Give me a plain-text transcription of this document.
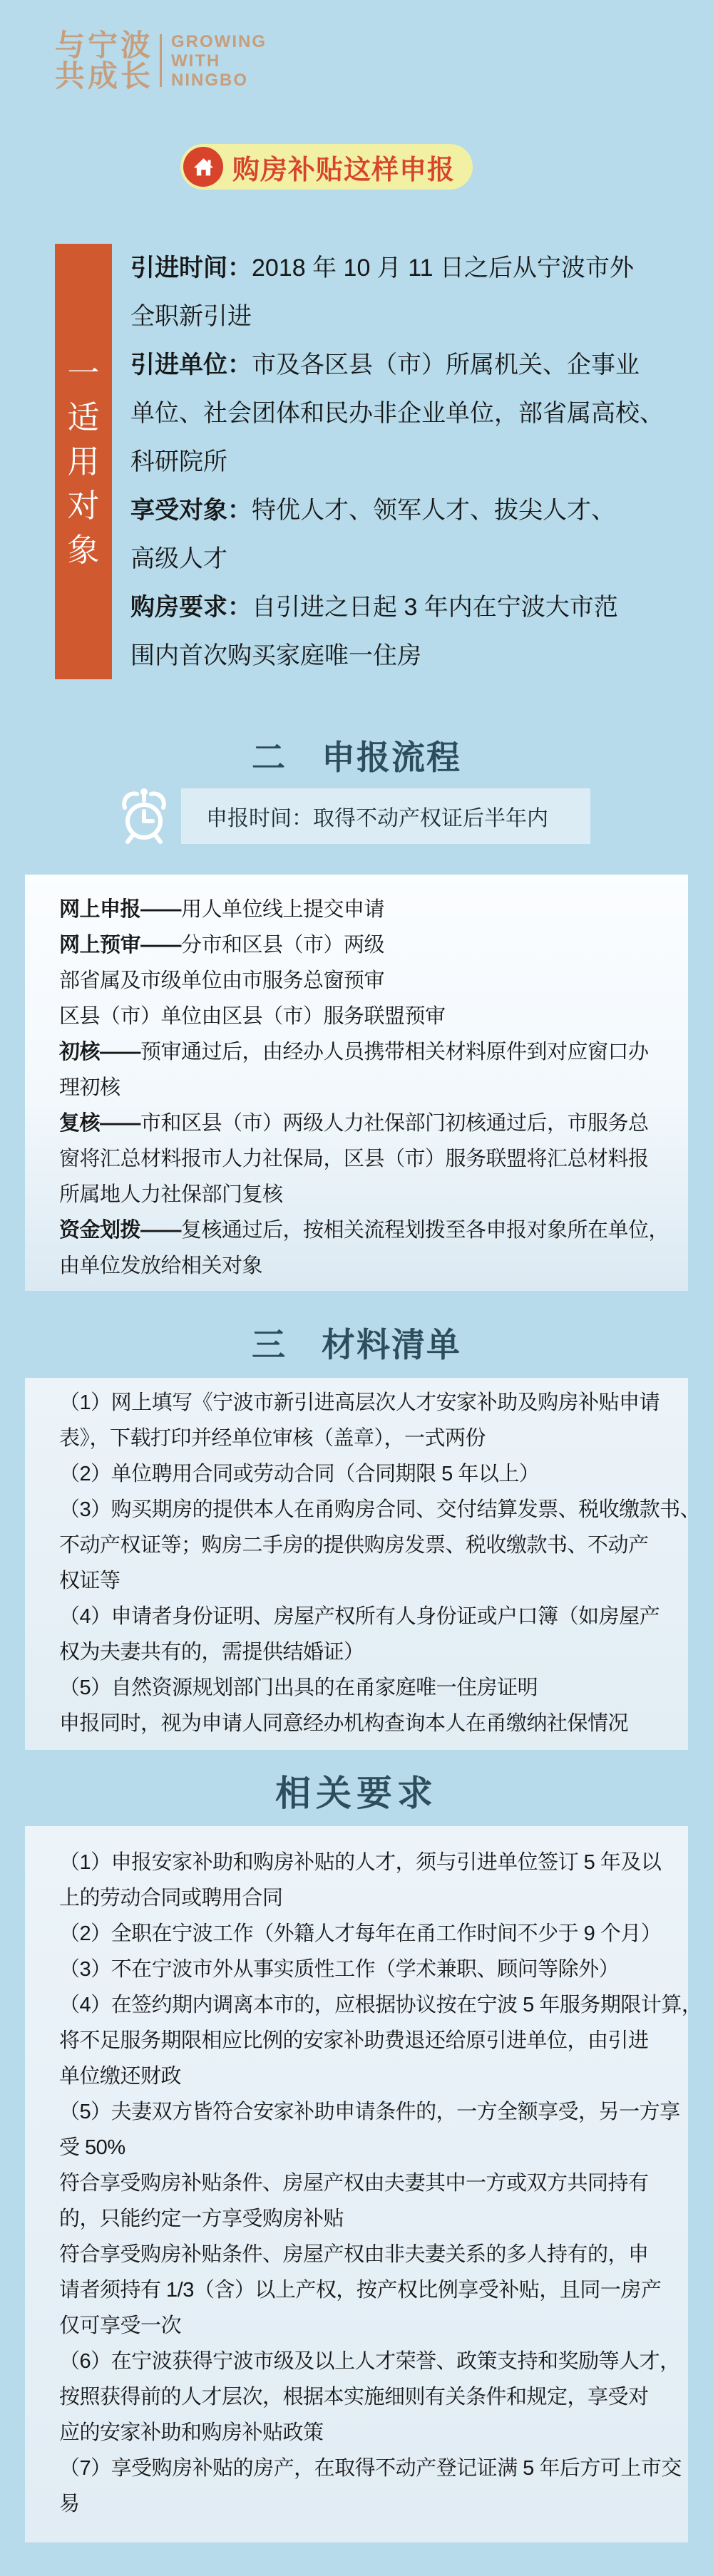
与宁波
共成长
GROWING
WITH
NINGBO
购房补贴这样申报
一
适
用
对
象
引进时间：2018 年 10 月 11 日之后从宁波市外
全职新引进
引进单位：市及各区县（市）所属机关、企事业
单位、社会团体和民办非企业单位，部省属高校、
科研院所
享受对象：特优人才、领军人才、拔尖人才、
高级人才
购房要求：自引进之日起 3 年内在宁波大市范
围内首次购买家庭唯一住房
二　申报流程
申报时间：取得不动产权证后半年内
网上申报——用人单位线上提交申请
网上预审——分市和区县（市）两级
部省属及市级单位由市服务总窗预审
区县（市）单位由区县（市）服务联盟预审
初核——预审通过后，由经办人员携带相关材料原件到对应窗口办
理初核
复核——市和区县（市）两级人力社保部门初核通过后，市服务总
窗将汇总材料报市人力社保局，区县（市）服务联盟将汇总材料报
所属地人力社保部门复核
资金划拨——复核通过后，按相关流程划拨至各申报对象所在单位，
由单位发放给相关对象
三　材料清单
（1）网上填写《宁波市新引进高层次人才安家补助及购房补贴申请
表》，下载打印并经单位审核（盖章），一式两份
（2）单位聘用合同或劳动合同（合同期限 5 年以上）
（3）购买期房的提供本人在甬购房合同、交付结算发票、税收缴款书、
不动产权证等；购房二手房的提供购房发票、税收缴款书、不动产
权证等
（4）申请者身份证明、房屋产权所有人身份证或户口簿（如房屋产
权为夫妻共有的，需提供结婚证）
（5）自然资源规划部门出具的在甬家庭唯一住房证明
申报同时，视为申请人同意经办机构查询本人在甬缴纳社保情况
相关要求
（1）申报安家补助和购房补贴的人才，须与引进单位签订 5 年及以
上的劳动合同或聘用合同
（2）全职在宁波工作（外籍人才每年在甬工作时间不少于 9 个月）
（3）不在宁波市外从事实质性工作（学术兼职、顾问等除外）
（4）在签约期内调离本市的，应根据协议按在宁波 5 年服务期限计算，
将不足服务期限相应比例的安家补助费退还给原引进单位，由引进
单位缴还财政
（5）夫妻双方皆符合安家补助申请条件的，一方全额享受，另一方享
受 50%
符合享受购房补贴条件、房屋产权由夫妻其中一方或双方共同持有
的，只能约定一方享受购房补贴
符合享受购房补贴条件、房屋产权由非夫妻关系的多人持有的，申
请者须持有 1/3（含）以上产权，按产权比例享受补贴，且同一房产
仅可享受一次
（6）在宁波获得宁波市级及以上人才荣誉、政策支持和奖励等人才，
按照获得前的人才层次，根据本实施细则有关条件和规定，享受对
应的安家补助和购房补贴政策
（7）享受购房补贴的房产，在取得不动产登记证满 5 年后方可上市交
易
